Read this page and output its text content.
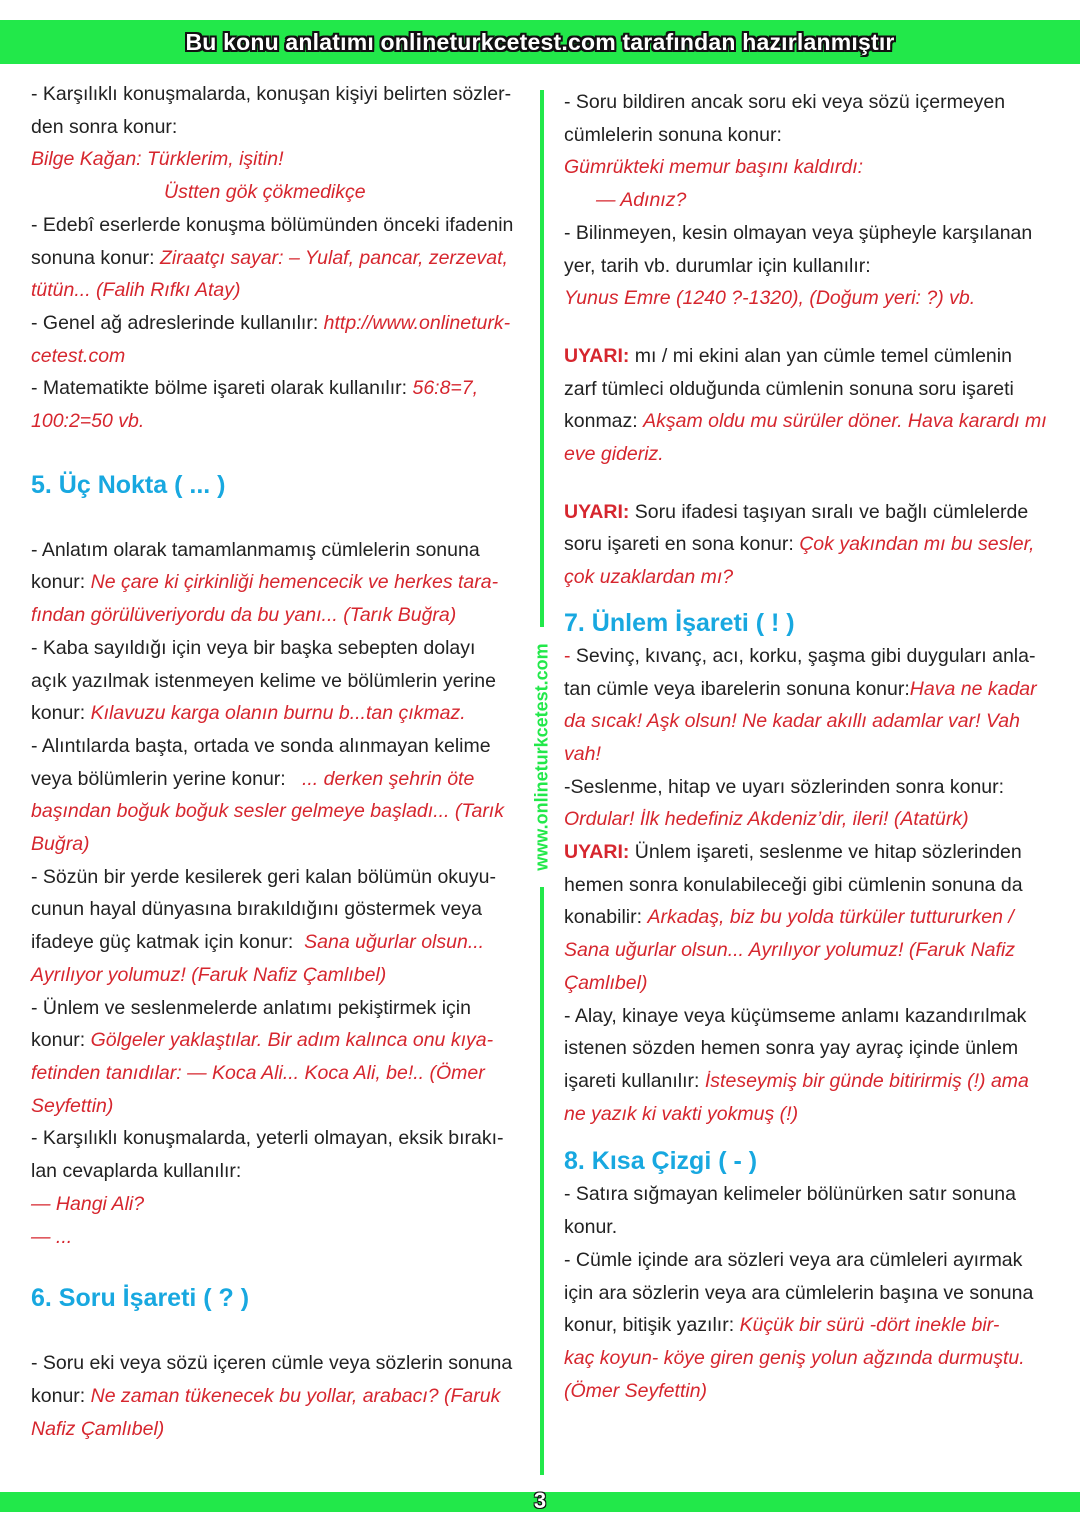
Bu konu anlatımı onlineturkcetest.com tarafından hazırlanmıştır
www.onlineturkcetest.com
- Karşılıklı konuşmalarda, konuşan kişiyi belirten sözler-
den sonra konur:
Bilge Kağan: Türklerim, işitin!
Üstten gök çökmedikçe
- Edebî eserlerde konuşma bölümünden önceki ifadenin
sonuna konur: Ziraatçı sayar: – Yulaf, pancar, zerzevat,
tütün... (Falih Rıfkı Atay)
- Genel ağ adreslerinde kullanılır: http://www.onlineturk-
cetest.com
- Matematikte bölme işareti olarak kullanılır: 56:8=7,
100:2=50 vb.
5. Üç Nokta ( ... )
- Anlatım olarak tamamlanmamış cümlelerin sonuna
konur: Ne çare ki çirkinliği hemencecik ve herkes tara-
fından görülüveriyordu da bu yanı... (Tarık Buğra)
- Kaba sayıldığı için veya bir başka sebepten dolayı
açık yazılmak istenmeyen kelime ve bölümlerin yerine
konur: Kılavuzu karga olanın burnu b...tan çıkmaz.
- Alıntılarda başta, ortada ve sonda alınmayan kelime
veya bölümlerin yerine konur:   ... derken şehrin öte
başından boğuk boğuk sesler gelmeye başladı... (Tarık
Buğra)
- Sözün bir yerde kesilerek geri kalan bölümün okuyu-
cunun hayal dünyasına bırakıldığını göstermek veya
ifadeye güç katmak için konur:  Sana uğurlar olsun...
Ayrılıyor yolumuz! (Faruk Nafiz Çamlıbel)
- Ünlem ve seslenmelerde anlatımı pekiştirmek için
konur: Gölgeler yaklaştılar. Bir adım kalınca onu kıya-
fetinden tanıdılar: — Koca Ali... Koca Ali, be!.. (Ömer
Seyfettin)
- Karşılıklı konuşmalarda, yeterli olmayan, eksik bırakı-
lan cevaplarda kullanılır:
— Hangi Ali?
— ...
6. Soru İşareti ( ? )
- Soru eki veya sözü içeren cümle veya sözlerin sonuna
konur: Ne zaman tükenecek bu yollar, arabacı? (Faruk
Nafiz Çamlıbel)
- Soru bildiren ancak soru eki veya sözü içermeyen
cümlelerin sonuna konur:
Gümrükteki memur başını kaldırdı:
— Adınız?
- Bilinmeyen, kesin olmayan veya şüpheyle karşılanan
yer, tarih vb. durumlar için kullanılır:
Yunus Emre (1240 ?-1320), (Doğum yeri: ?) vb.
UYARI: mı / mi ekini alan yan cümle temel cümlenin
zarf tümleci olduğunda cümlenin sonuna soru işareti
konmaz: Akşam oldu mu sürüler döner. Hava karardı mı
eve gideriz.
UYARI: Soru ifadesi taşıyan sıralı ve bağlı cümlelerde
soru işareti en sona konur: Çok yakından mı bu sesler,
çok uzaklardan mı?
7. Ünlem İşareti ( ! )
- Sevinç, kıvanç, acı, korku, şaşma gibi duyguları anla-
tan cümle veya ibarelerin sonuna konur:Hava ne kadar
da sıcak! Aşk olsun! Ne kadar akıllı adamlar var! Vah
vah!
-Seslenme, hitap ve uyarı sözlerinden sonra konur:
Ordular! İlk hedefiniz Akdeniz’dir, ileri! (Atatürk)
UYARI: Ünlem işareti, seslenme ve hitap sözlerinden
hemen sonra konulabileceği gibi cümlenin sonuna da
konabilir: Arkadaş, biz bu yolda türküler tuttururken /
Sana uğurlar olsun... Ayrılıyor yolumuz! (Faruk Nafiz
Çamlıbel)
- Alay, kinaye veya küçümseme anlamı kazandırılmak
istenen sözden hemen sonra yay ayraç içinde ünlem
işareti kullanılır: İsteseymiş bir günde bitirirmiş (!) ama
ne yazık ki vakti yokmuş (!)
8. Kısa Çizgi ( - )
- Satıra sığmayan kelimeler bölünürken satır sonuna
konur.
- Cümle içinde ara sözleri veya ara cümleleri ayırmak
için ara sözlerin veya ara cümlelerin başına ve sonuna
konur, bitişik yazılır: Küçük bir sürü -dört inekle bir-
kaç koyun- köye giren geniş yolun ağzında durmuştu.
(Ömer Seyfettin)
3
